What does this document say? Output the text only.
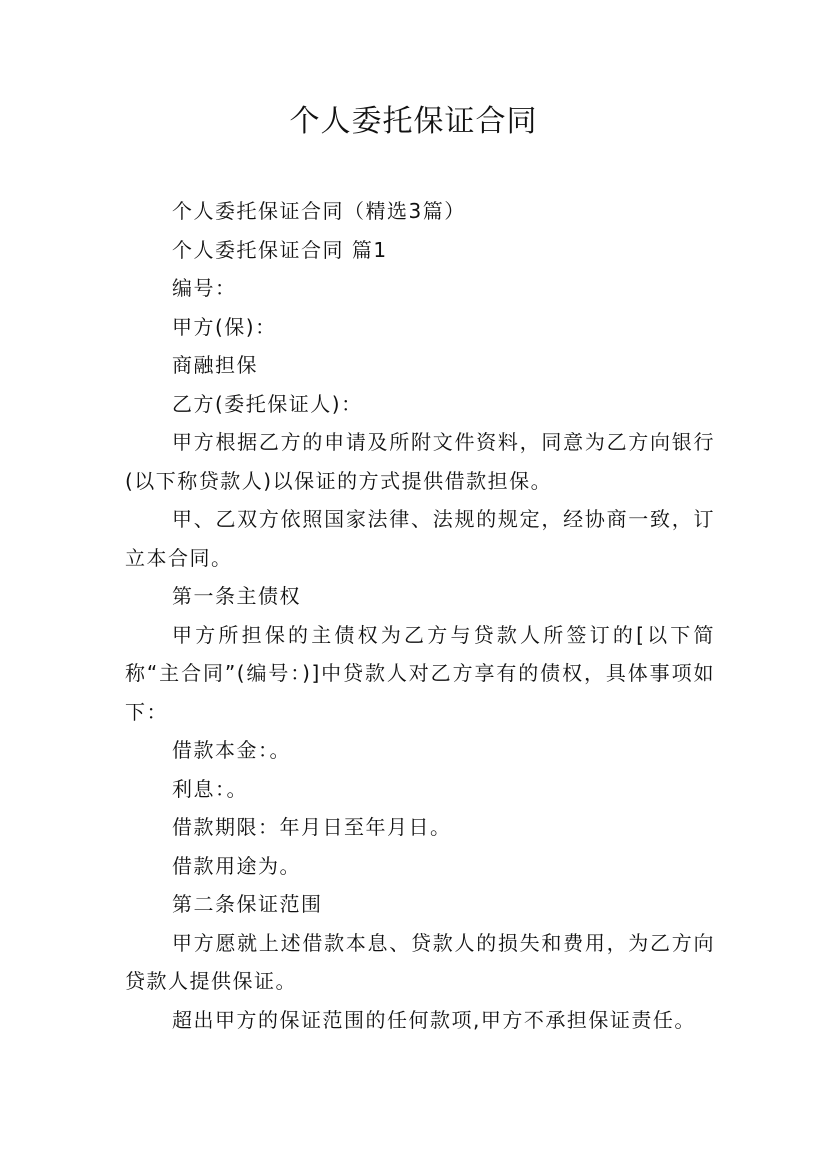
个人委托保证合同

个人委托保证合同（精选3篇）

个人委托保证合同 篇1

编号：

甲方(保)：

商融担保

乙方(委托保证人)：

甲方根据乙方的申请及所附文件资料，同意为乙方向银行(以下称贷款人)以保证的方式提供借款担保。

甲、乙双方依照国家法律、法规的规定，经协商一致，订立本合同。

第一条主债权

甲方所担保的主债权为乙方与贷款人所签订的[以下简称“主合同”(编号：)]中贷款人对乙方享有的债权，具体事项如下：

借款本金：。

利息：。

借款期限：年月日至年月日。

借款用途为。

第二条保证范围

甲方愿就上述借款本息、贷款人的损失和费用，为乙方向贷款人提供保证。

超出甲方的保证范围的任何款项,甲方不承担保证责任。
